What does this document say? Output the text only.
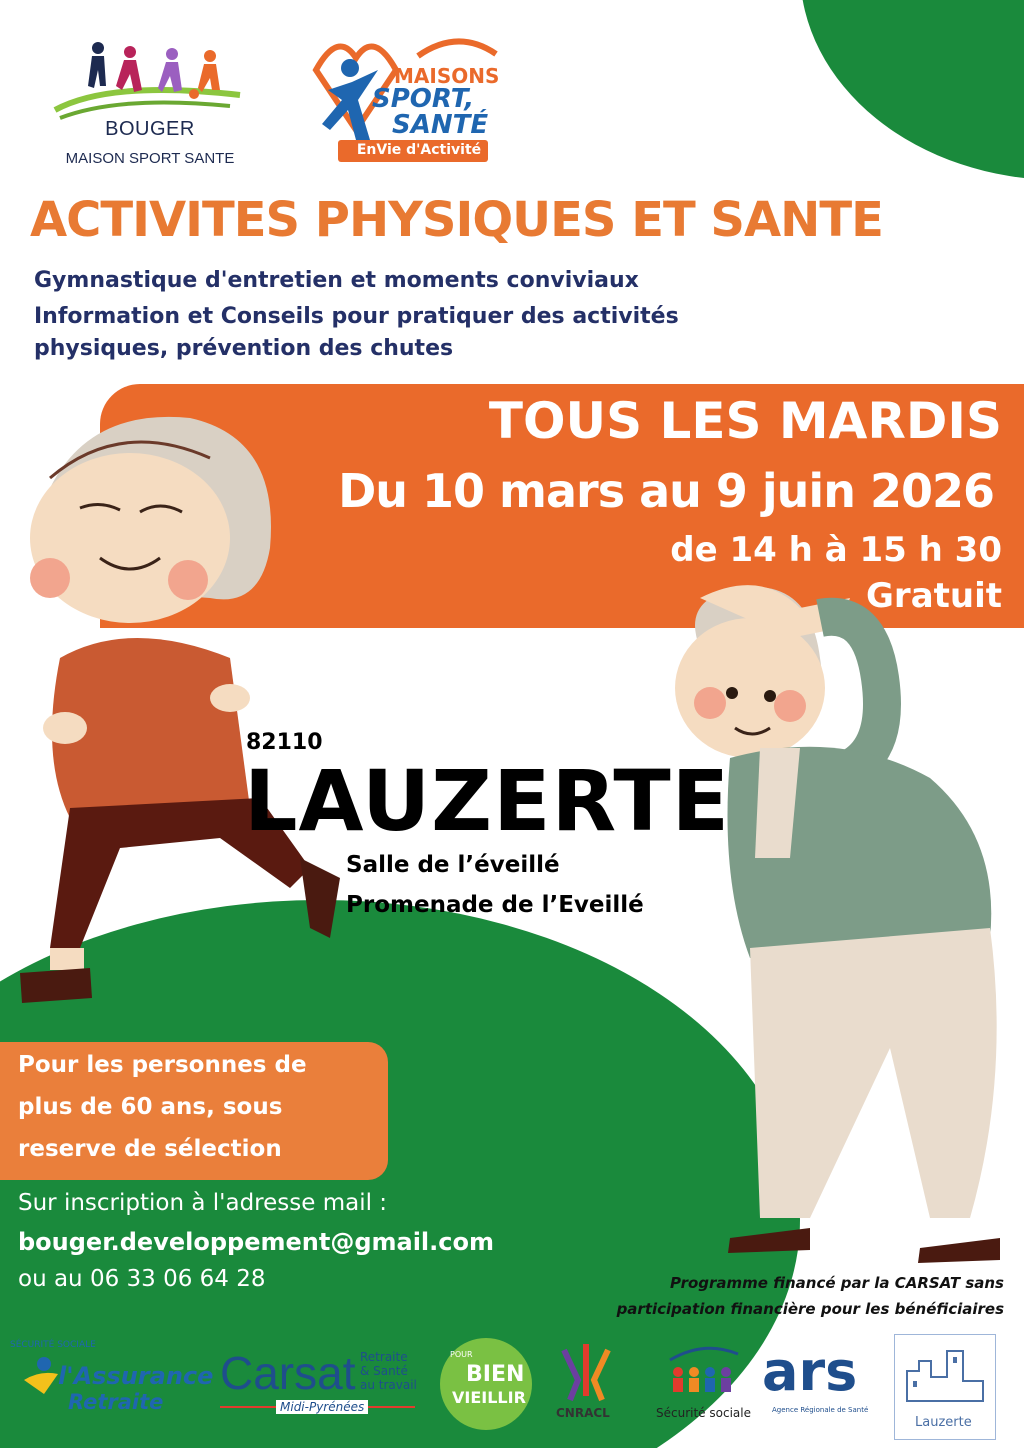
BOUGER
MAISON SPORT SANTE
MAISONS
SPORT,
SANTÉ
EnVie d'Activité
ACTIVITES PHYSIQUES ET SANTE
Gymnastique d'entretien et moments conviviaux
Information et Conseils pour pratiquer des activités
physiques, prévention des chutes
TOUS LES MARDIS
Du 10 mars au 9 juin 2026
de 14 h à 15 h 30
Gratuit
82110
LAUZERTE
Salle de l’éveillé
Promenade de l’Eveillé
Pour les personnes de
plus de 60 ans, sous
reserve de sélection
Sur inscription à l'adresse mail :
bouger.developpement@gmail.com
ou au 06 33 06 64 28	Programme financé par la CARSAT sans
participation financière pour les bénéficiaires
SÉCURITÉ SOCIALE
l'Assurance
Retraite
Carsat Retraite
& Santé
au travail
Midi-Pyrénées
POUR
BIEN
VIEILLIR
CNRACL	Sécurité sociale
ars
Agence Régionale de Santé
Lauzerte
